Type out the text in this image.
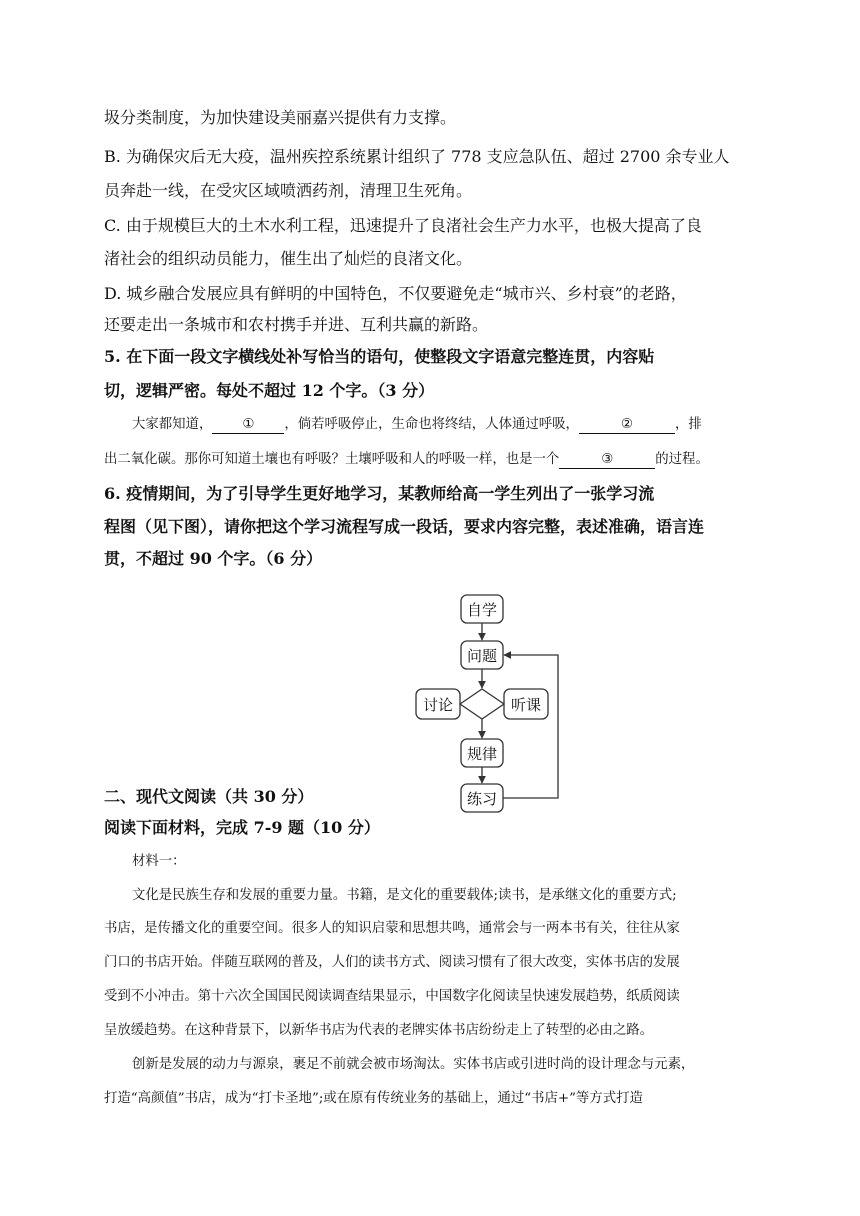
圾分类制度，为加快建设美丽嘉兴提供有力支撑。
B. 为确保灾后无大疫，温州疾控系统累计组织了 778 支应急队伍、超过 2700 余专业人
员奔赴一线，在受灾区域喷洒药剂，清理卫生死角。
C. 由于规模巨大的土木水利工程，迅速提升了良渚社会生产力水平，也极大提高了良
渚社会的组织动员能力，催生出了灿烂的良渚文化。
D. 城乡融合发展应具有鲜明的中国特色，不仅要避免走“城市兴、乡村衰”的老路，
还要走出一条城市和农村携手并进、互利共赢的新路。
5. 在下面一段文字横线处补写恰当的语句，使整段文字语意完整连贯，内容贴
切，逻辑严密。每处不超过 12 个字。（3 分）
大家都知道， ① ，倘若呼吸停止，生命也将终结，人体通过呼吸，	②	，排
出二氧化碳。那你可知道土壤也有呼吸？土壤呼吸和人的呼吸一样，也是一个	③	的过程。
6. 疫情期间，为了引导学生更好地学习，某教师给高一学生列出了一张学习流
程图（见下图），请你把这个学习流程写成一段话，要求内容完整，表述准确，语言连
贯，不超过 90 个字。（6 分）
自学
问题
讨论	听课
规律
练习
二、现代文阅读（共 30 分）
阅读下面材料，完成 7-9 题（10 分）
材料一：
文化是民族生存和发展的重要力量。书籍，是文化的重要载体;读书，是承继文化的重要方式;
书店，是传播文化的重要空间。很多人的知识启蒙和思想共鸣，通常会与一两本书有关，往往从家
门口的书店开始。伴随互联网的普及，人们的读书方式、阅读习惯有了很大改变，实体书店的发展
受到不小冲击。第十六次全国国民阅读调查结果显示，中国数字化阅读呈快速发展趋势，纸质阅读
呈放缓趋势。在这种背景下，以新华书店为代表的老牌实体书店纷纷走上了转型的必由之路。
创新是发展的动力与源泉，裹足不前就会被市场淘汰。实体书店或引进时尚的设计理念与元素，
打造“高颜值”书店，成为“打卡圣地”;或在原有传统业务的基础上，通过“书店+”等方式打造
